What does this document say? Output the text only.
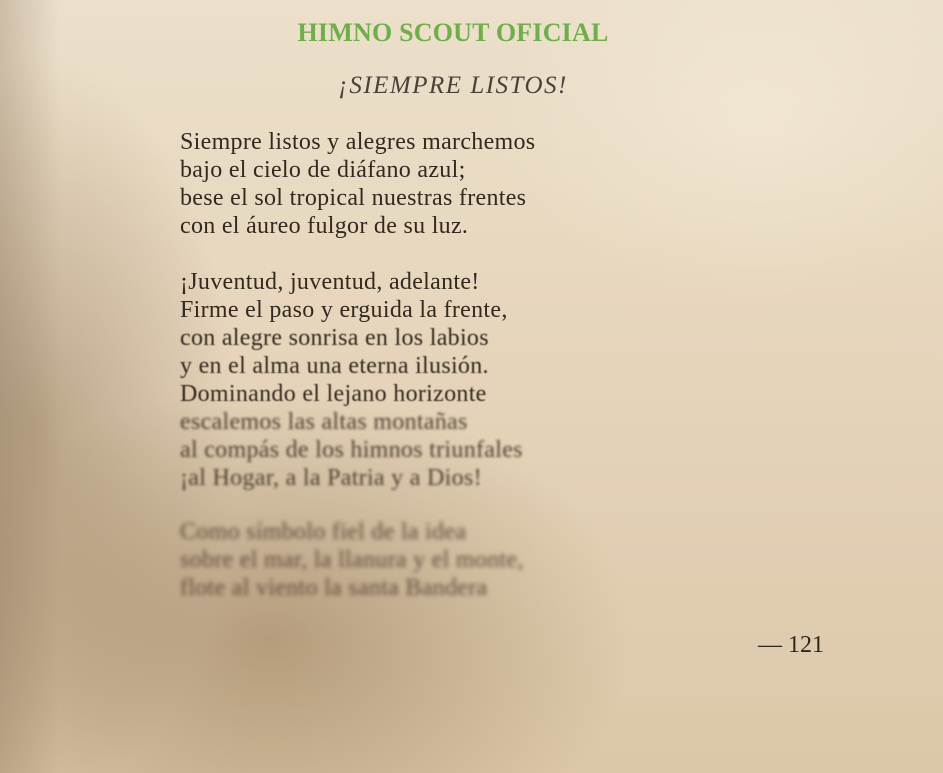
HIMNO SCOUT OFICIAL
¡SIEMPRE LISTOS!
Siempre listos y alegres marchemos
bajo el cielo de diáfano azul;
bese el sol tropical nuestras frentes
con el áureo fulgor de su luz.
¡Juventud, juventud, adelante!
Firme el paso y erguida la frente,
con alegre sonrisa en los labios
y en el alma una eterna ilusión.
Dominando el lejano horizonte
escalemos las altas montañas
al compás de los himnos triunfales
¡al Hogar, a la Patria y a Dios!
Como símbolo fiel de la idea
sobre el mar, la llanura y el monte,
flote al viento la santa Bandera
— 121
